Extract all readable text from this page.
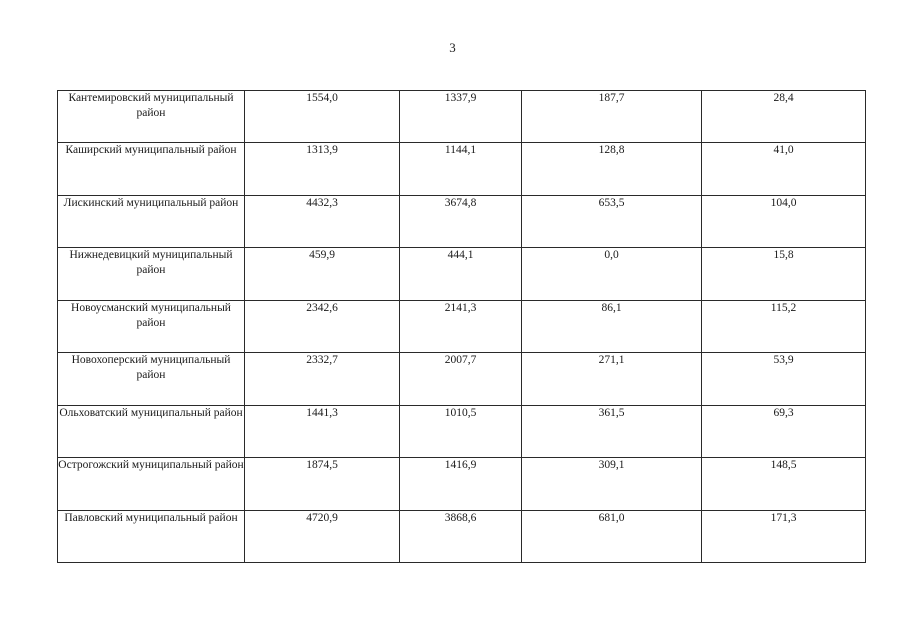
3
Кантемировский муниципальный район	1554,0	1337,9	187,7	28,4
Каширский муниципальный район	1313,9	1144,1	128,8	41,0
Лискинский муниципальный район	4432,3	3674,8	653,5	104,0
Нижнедевицкий муниципальный район	459,9	444,1	0,0	15,8
Новоусманский муниципальный район	2342,6	2141,3	86,1	115,2
Новохоперский муниципальный район	2332,7	2007,7	271,1	53,9
Ольховатский муниципальный район	1441,3	1010,5	361,5	69,3
Острогожский муниципальный район	1874,5	1416,9	309,1	148,5
Павловский муниципальный район	4720,9	3868,6	681,0	171,3
